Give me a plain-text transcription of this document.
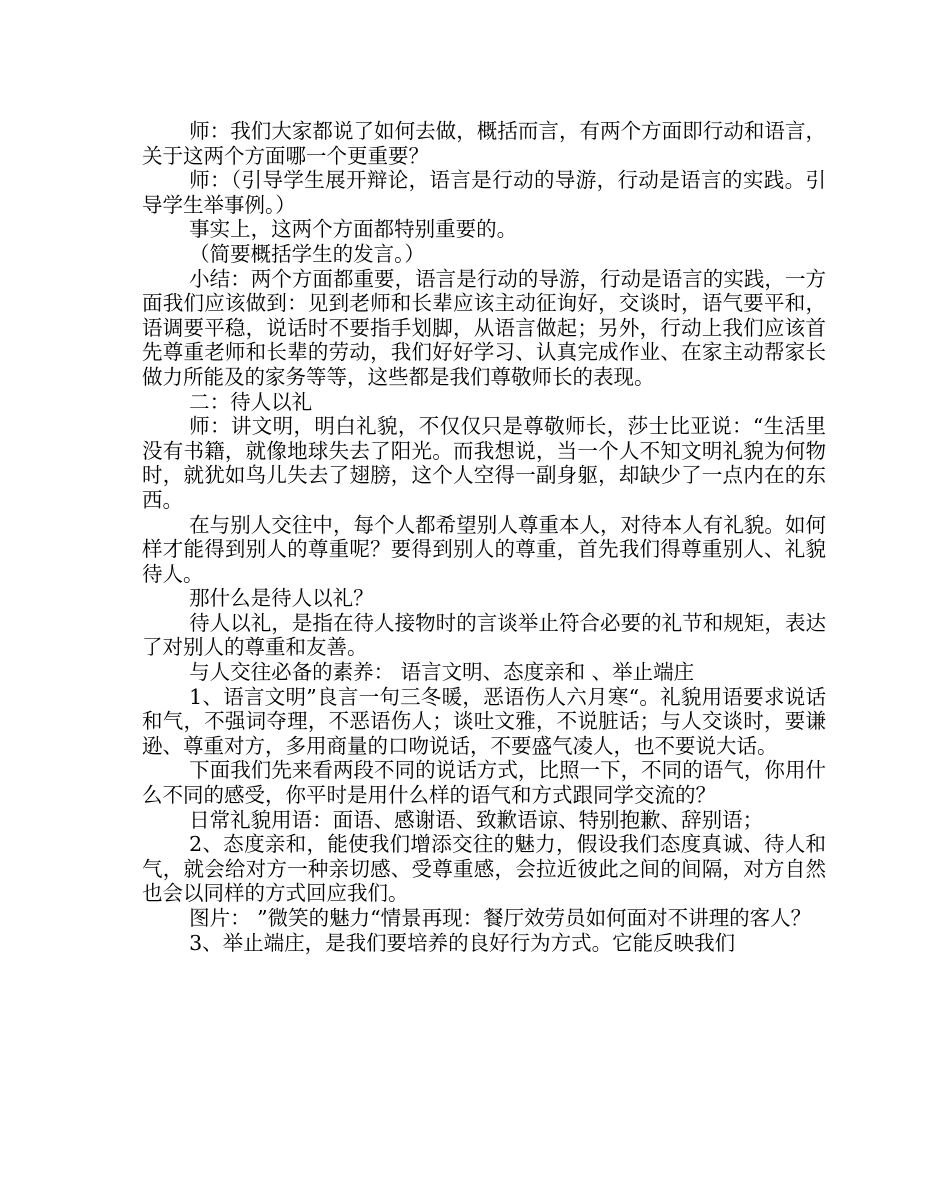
师：我们大家都说了如何去做，概括而言，有两个方面即行动和语言，关于这两个方面哪一个更重要？

师：（引导学生展开辩论，语言是行动的导游，行动是语言的实践。引导学生举事例。）

事实上，这两个方面都特别重要的。

（简要概括学生的发言。）

小结：两个方面都重要，语言是行动的导游，行动是语言的实践，一方面我们应该做到：见到老师和长辈应该主动征询好，交谈时，语气要平和，语调要平稳，说话时不要指手划脚，从语言做起；另外，行动上我们应该首先尊重老师和长辈的劳动，我们好好学习、认真完成作业、在家主动帮家长做力所能及的家务等等，这些都是我们尊敬师长的表现。

二：待人以礼

师：讲文明，明白礼貌，不仅仅只是尊敬师长，莎士比亚说：“生活里没有书籍，就像地球失去了阳光。而我想说，当一个人不知文明礼貌为何物时，就犹如鸟儿失去了翅膀，这个人空得一副身躯，却缺少了一点内在的东西。

在与别人交往中，每个人都希望别人尊重本人，对待本人有礼貌。如何样才能得到别人的尊重呢？要得到别人的尊重，首先我们得尊重别人、礼貌待人。

那什么是待人以礼？

待人以礼，是指在待人接物时的言谈举止符合必要的礼节和规矩，表达了对别人的尊重和友善。

与人交往必备的素养： 语言文明、态度亲和 、举止端庄

1、语言文明”良言一句三冬暖，恶语伤人六月寒“。礼貌用语要求说话和气，不强词夺理，不恶语伤人；谈吐文雅，不说脏话；与人交谈时，要谦逊、尊重对方，多用商量的口吻说话，不要盛气凌人，也不要说大话。

下面我们先来看两段不同的说话方式，比照一下，不同的语气，你用什么不同的感受，你平时是用什么样的语气和方式跟同学交流的？

日常礼貌用语：面语、感谢语、致歉语谅、特别抱歉、辞别语；

2、态度亲和，能使我们增添交往的魅力，假设我们态度真诚、待人和气，就会给对方一种亲切感、受尊重感，会拉近彼此之间的间隔，对方自然也会以同样的方式回应我们。

图片： ”微笑的魅力“情景再现：餐厅效劳员如何面对不讲理的客人？

3、举止端庄，是我们要培养的良好行为方式。它能反映我们
